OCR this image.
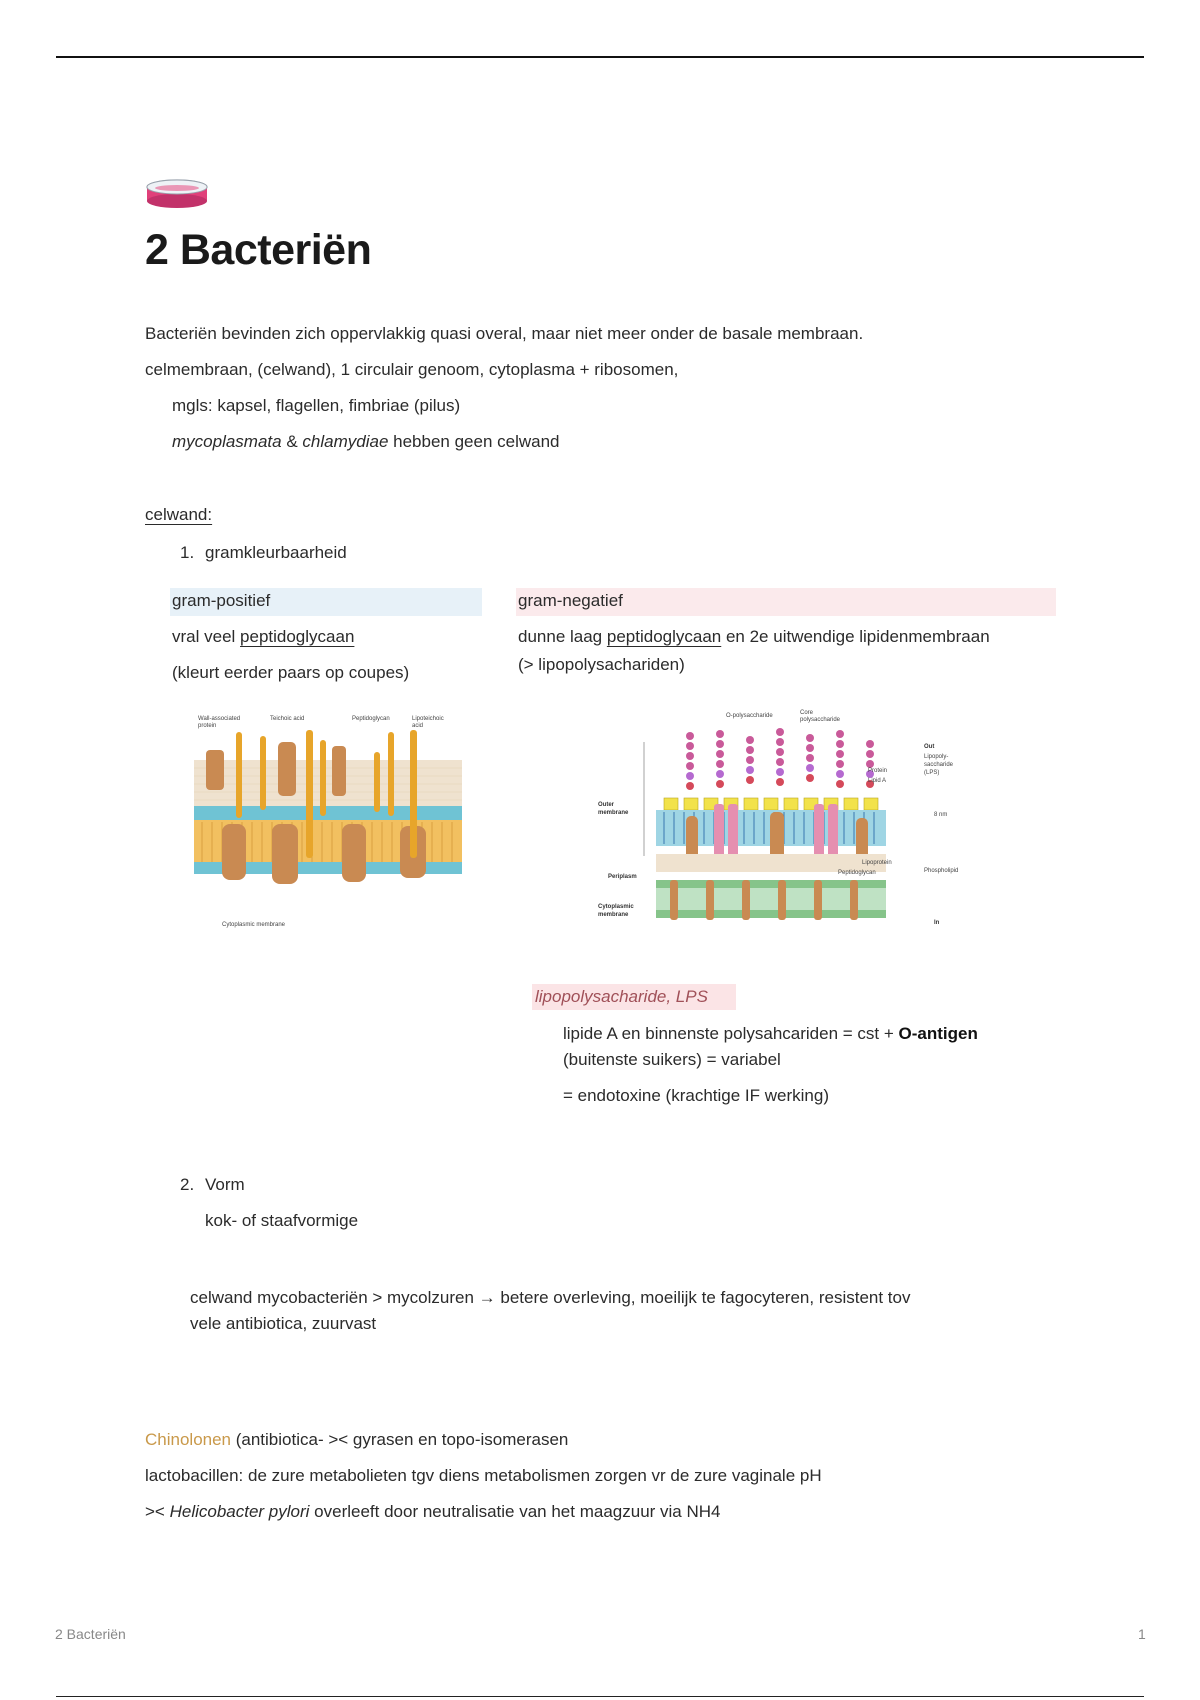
2 Bacteriën
Bacteriën bevinden zich oppervlakkig quasi overal, maar niet meer onder de basale membraan.
celmembraan, (celwand), 1 circulair genoom, cytoplasma + ribosomen,
mgls: kapsel, flagellen, fimbriae (pilus)
mycoplasmata & chlamydiae hebben geen celwand
celwand:
1. gramkleurbaarheid
gram-positief
vral veel peptidoglycaan
(kleurt eerder paars op coupes)
gram-negatief
dunne laag peptidoglycaan en 2e uitwendige lipidenmembraan
(> lipopolysachariden)
Wall-associated
protein
Teichoic acid	Peptidoglycan	Lipoteichoic
acid
Cytoplasmic membrane
O-polysaccharide	Core
polysaccharide
Out
Lipopoly-
saccharide
(LPS)
Protein
Lipid A
Outer
membrane	8 nm
Lipoprotein
Peptidoglycan	Phospholipid
Periplasm
Cytoplasmic
membrane
In
lipopolysacharide, LPS
lipide A en binnenste polysahcariden = cst + O-antigen
(buitenste suikers) = variabel
= endotoxine (krachtige IF werking)
2. Vorm
kok- of staafvormige
celwand mycobacteriën > mycolzuren → betere overleving, moeilijk te fagocyteren, resistent tov
vele antibiotica, zuurvast
Chinolonen (antibiotica- >< gyrasen en topo-isomerasen
lactobacillen: de zure metabolieten tgv diens metabolismen zorgen vr de zure vaginale pH
>< Helicobacter pylori overleeft door neutralisatie van het maagzuur via NH4
2 Bacteriën	1
